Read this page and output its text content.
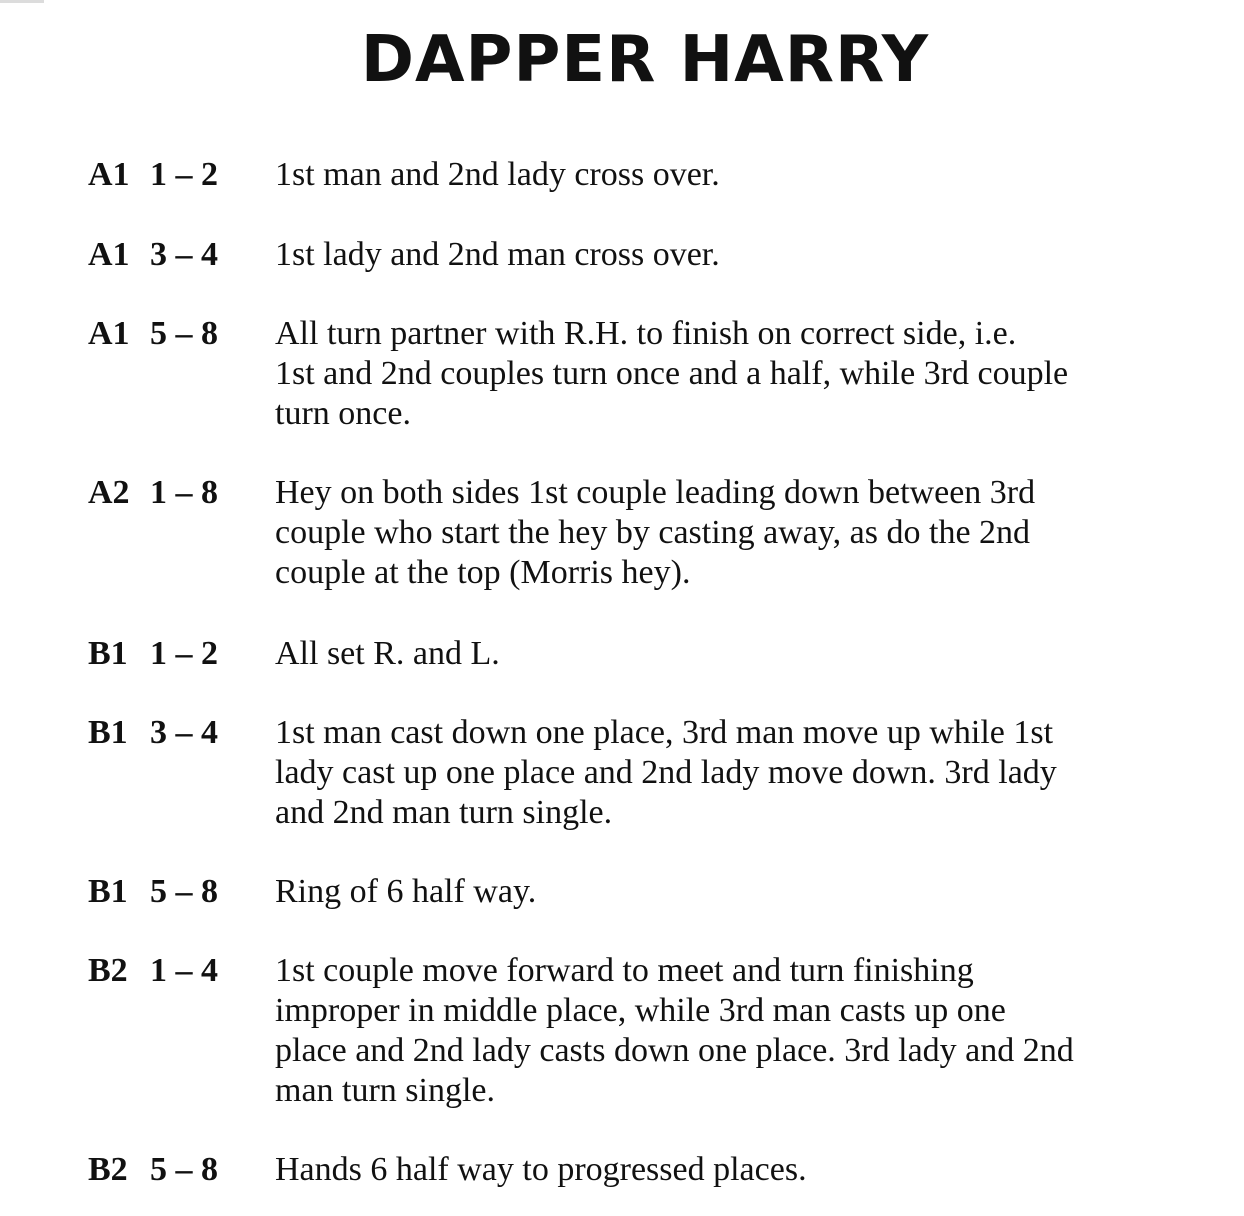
DAPPER HARRY
A1 1 – 2 1st man and 2nd lady cross over.
A1 3 – 4 1st lady and 2nd man cross over.
A1 5 – 8 All turn partner with R.H. to finish on correct side, i.e.
1st and 2nd couples turn once and a half, while 3rd couple
turn once.
A2 1 – 8 Hey on both sides 1st couple leading down between 3rd
couple who start the hey by casting away, as do the 2nd
couple at the top (Morris hey).
B1 1 – 2 All set R. and L.
B1 3 – 4 1st man cast down one place, 3rd man move up while 1st
lady cast up one place and 2nd lady move down. 3rd lady
and 2nd man turn single.
B1 5 – 8 Ring of 6 half way.
B2 1 – 4 1st couple move forward to meet and turn finishing
improper in middle place, while 3rd man casts up one
place and 2nd lady casts down one place. 3rd lady and 2nd
man turn single.
B2 5 – 8 Hands 6 half way to progressed places.
